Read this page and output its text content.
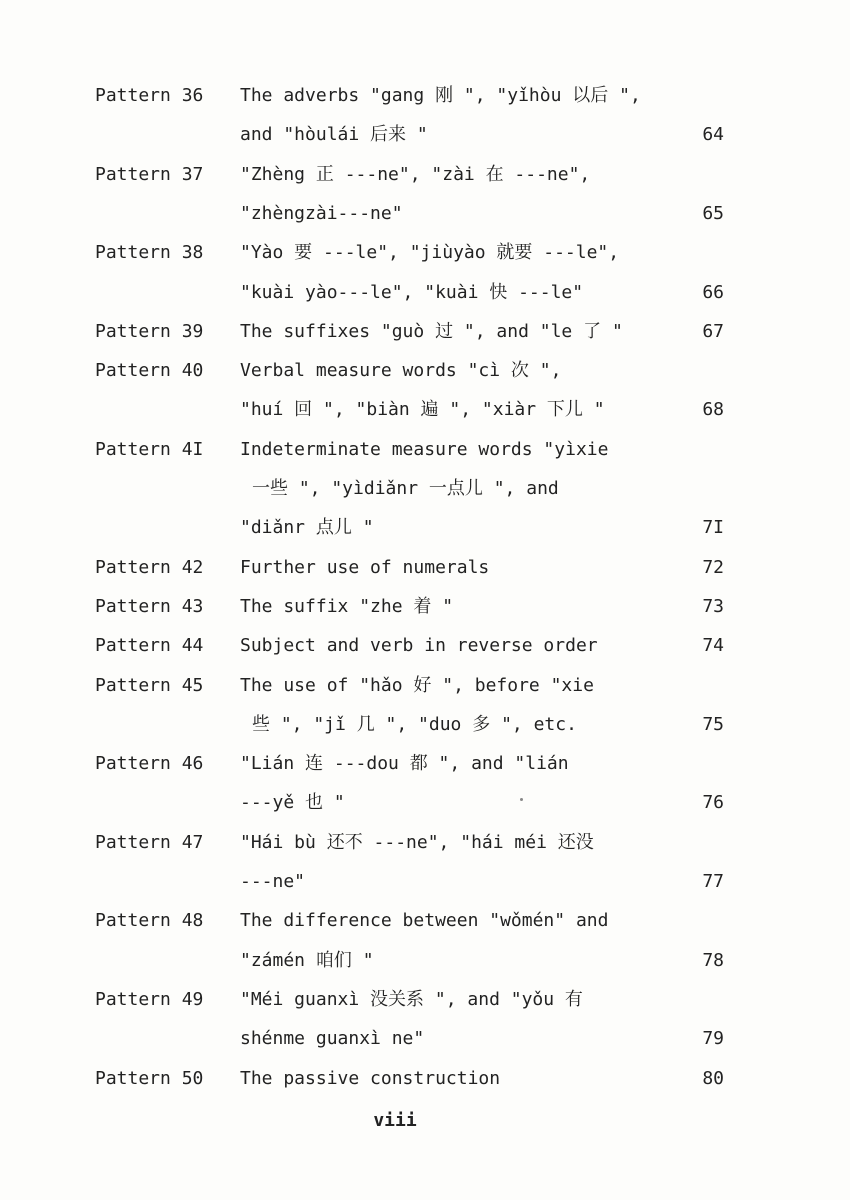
Pattern 36 The adverbs "gang 刚 ", "yǐhòu 以后 ",
and "hòulái 后来 "	64
Pattern 37 "Zhèng 正 ---ne", "zài 在 ---ne",
"zhèngzài---ne"	65
Pattern 38 "Yào 要 ---le", "jiùyào 就要 ---le",
"kuài yào---le", "kuài 快 ---le"	66
Pattern 39 The suffixes "guò 过 ", and "le 了 "	67
Pattern 40 Verbal measure words "cì 次 ",
"huí 回 ", "biàn 遍 ", "xiàr 下儿 "	68
Pattern 4I Indeterminate measure words "yìxie
一些 ", "yìdiǎnr 一点儿 ", and
"diǎnr 点儿 "	7I
Pattern 42 Further use of numerals	72
Pattern 43 The suffix "zhe 着 "	73
Pattern 44 Subject and verb in reverse order	74
Pattern 45 The use of "hǎo 好 ", before "xie
些 ", "jǐ 几 ", "duo 多 ", etc.	75
Pattern 46 "Lián 连 ---dou 都 ", and "lián
---yě 也 "	76
Pattern 47 "Hái bù 还不 ---ne", "hái méi 还没
---ne"	77
Pattern 48 The difference between "wǒmén" and
"zámén 咱们 "	78
Pattern 49 "Méi guanxì 没关系 ", and "yǒu 有
shénme guanxì ne"	79
Pattern 50 The passive construction	80
viii
